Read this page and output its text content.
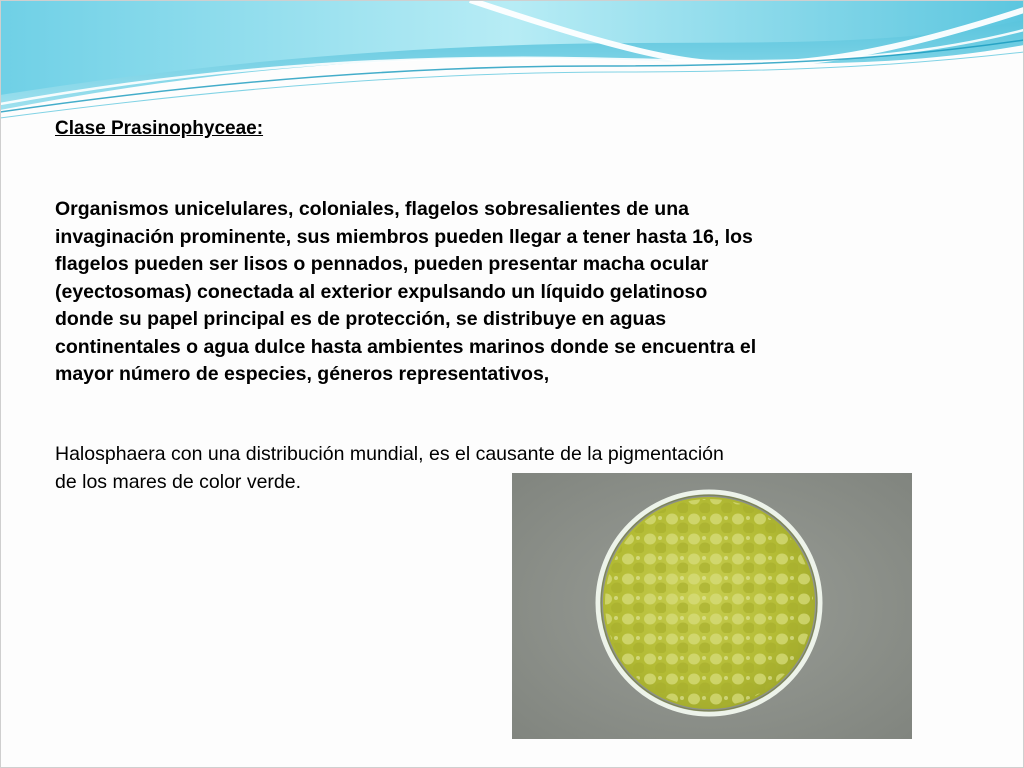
Clase Prasinophyceae:

Organismos unicelulares, coloniales, flagelos sobresalientes de una invaginación prominente, sus miembros pueden llegar a tener hasta 16, los flagelos pueden ser lisos o pennados, pueden presentar macha ocular (eyectosomas) conectada al exterior expulsando un líquido gelatinoso donde su papel principal es de protección, se distribuye en aguas continentales o agua dulce hasta ambientes marinos donde se encuentra el mayor número de especies, géneros representativos,

Halosphaera con una distribución mundial, es el causante de la pigmentación de los mares de color verde.
